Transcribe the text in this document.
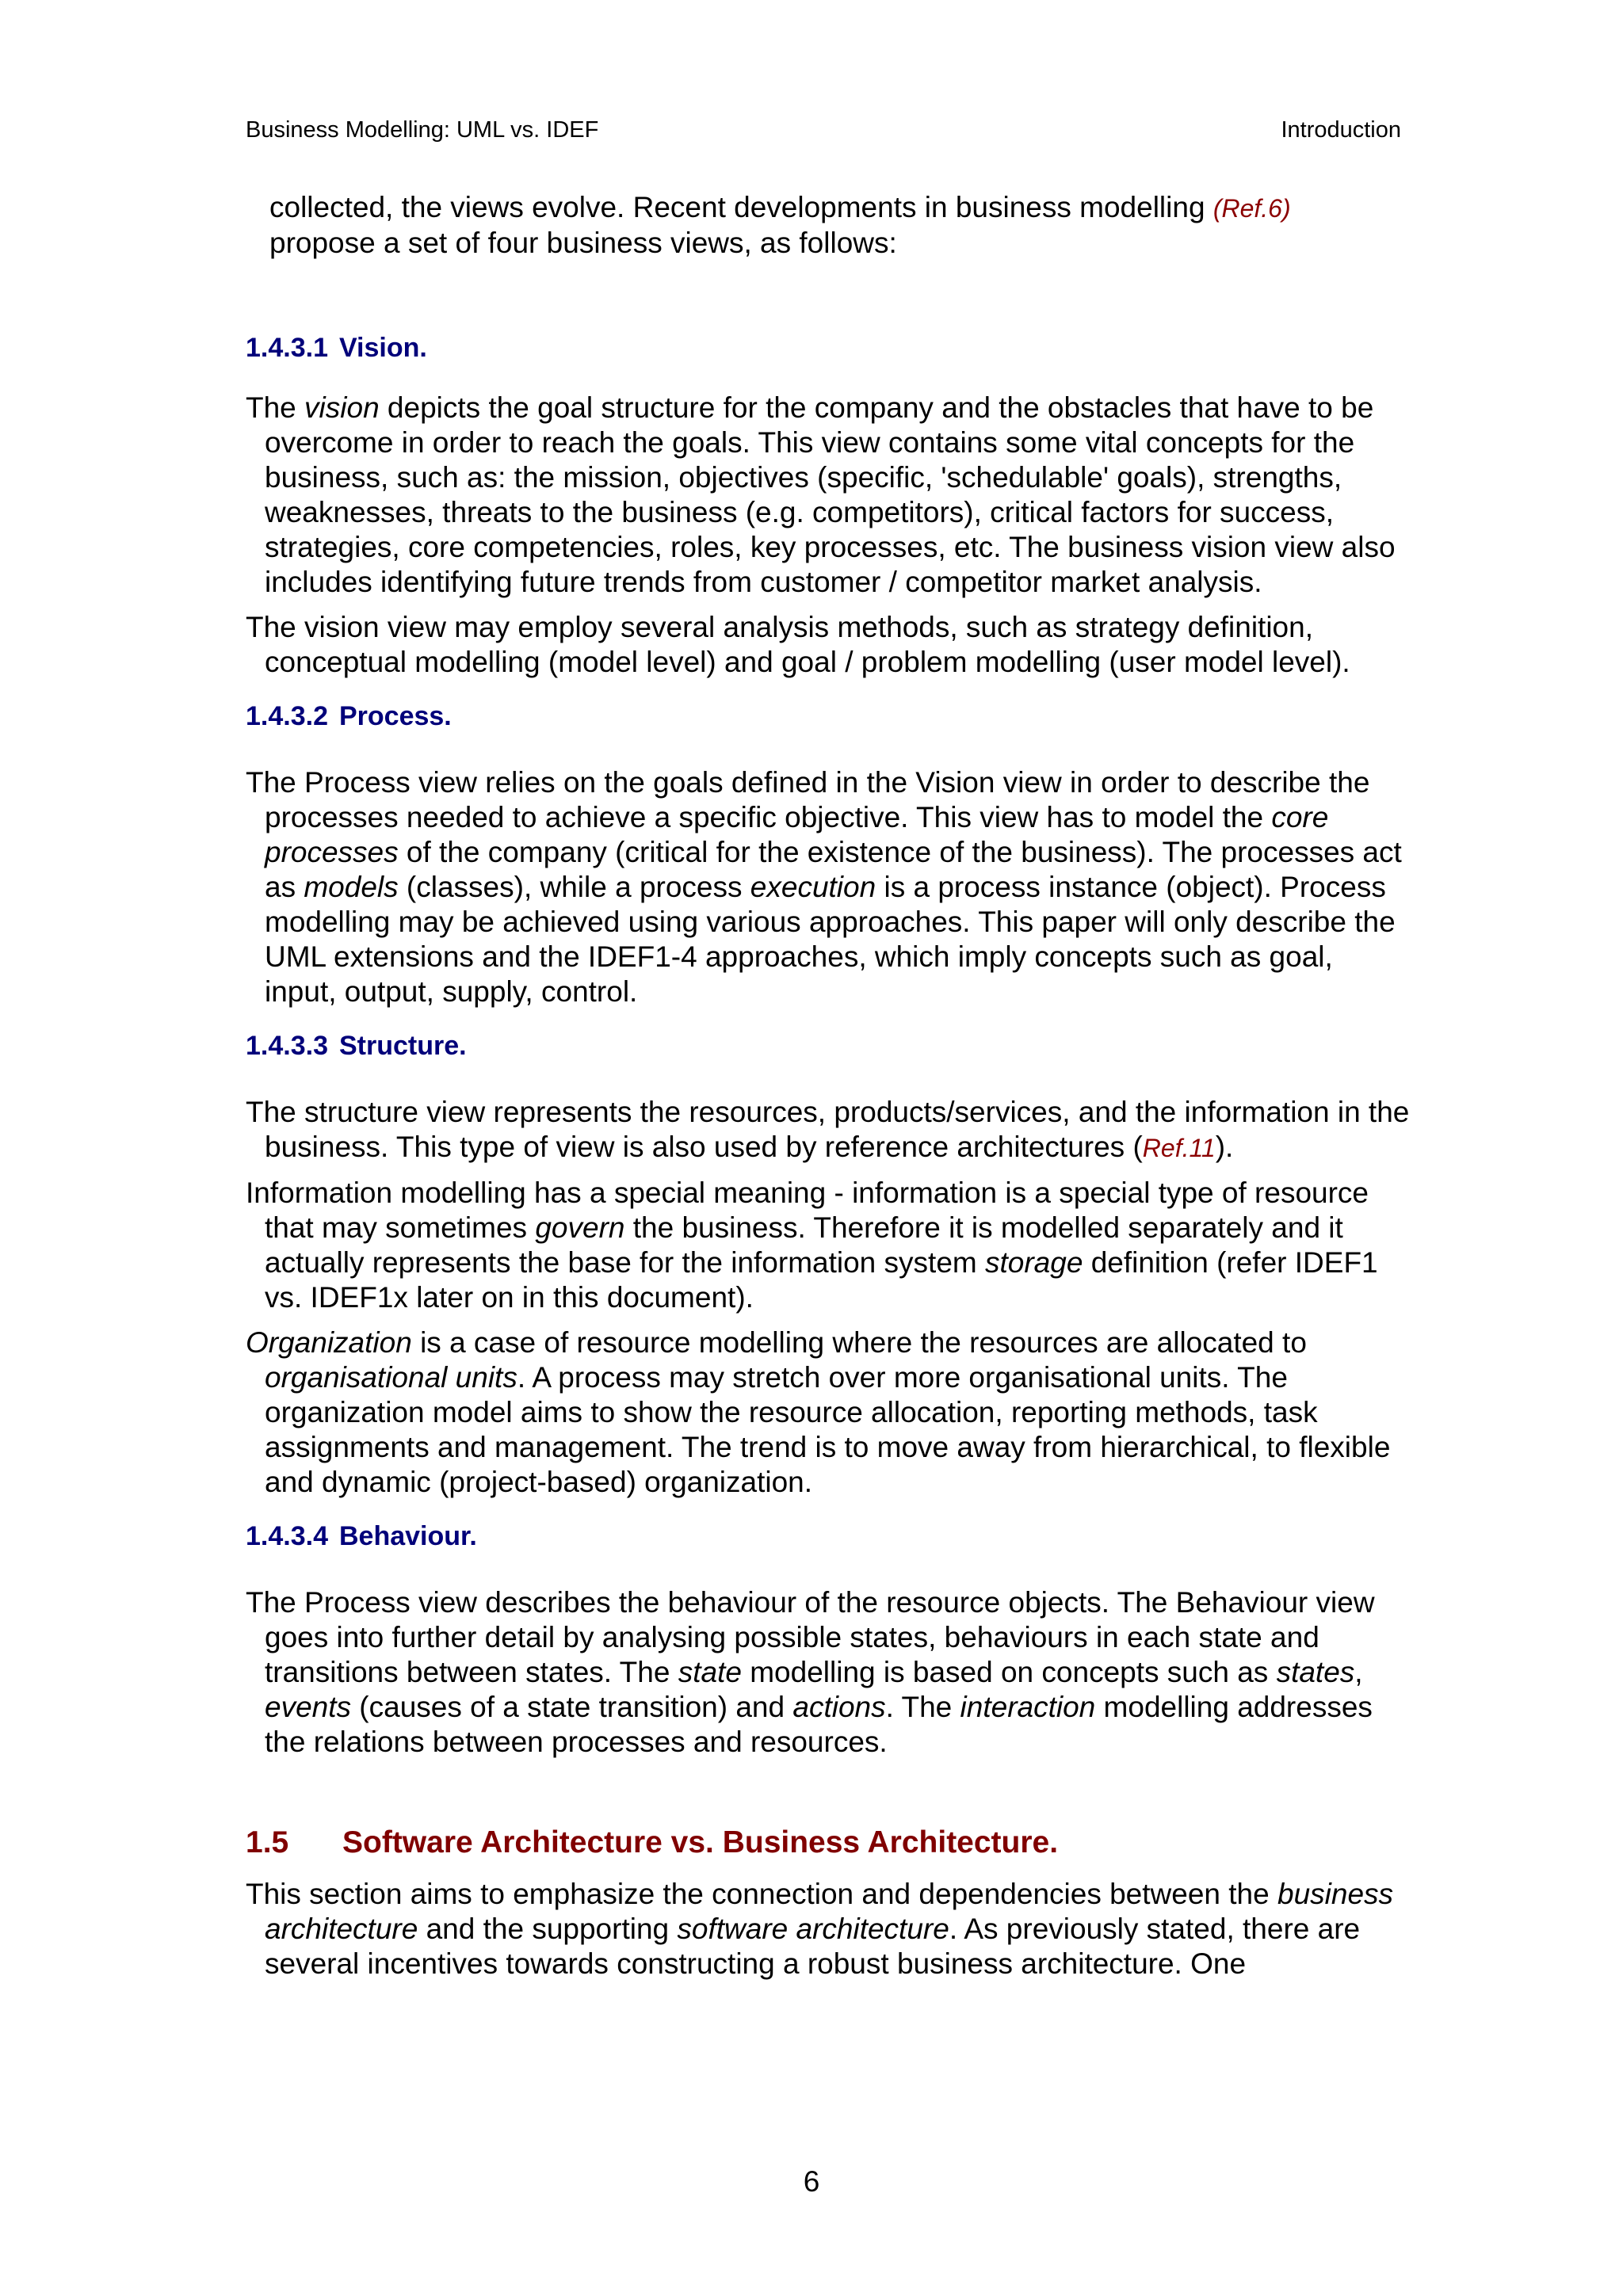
Business Modelling: UML vs. IDEF	Introduction

collected, the views evolve. Recent developments in business modelling (Ref.6)

propose a set of four business views, as follows:

1.4.3.1 Vision.

The vision depicts the goal structure for the company and the obstacles that have to be overcome in order to reach the goals. This view contains some vital concepts for the business, such as: the mission, objectives (specific, 'schedulable' goals), strengths, weaknesses, threats to the business (e.g. competitors), critical factors for success, strategies, core competencies, roles, key processes, etc. The business vision view also includes identifying future trends from customer / competitor market analysis.

The vision view may employ several analysis methods, such as strategy definition, conceptual modelling (model level) and goal / problem modelling (user model level).

1.4.3.2 Process.

The Process view relies on the goals defined in the Vision view in order to describe the processes needed to achieve a specific objective. This view has to model the core processes of the company (critical for the existence of the business). The processes act as models (classes), while a process execution is a process instance (object). Process modelling may be achieved using various approaches. This paper will only describe the UML extensions and the IDEF1-4 approaches, which imply concepts such as goal, input, output, supply, control.

1.4.3.3 Structure.

The structure view represents the resources, products/services, and the information in the business. This type of view is also used by reference architectures (Ref.11).

Information modelling has a special meaning - information is a special type of resource that may sometimes govern the business. Therefore it is modelled separately and it actually represents the base for the information system storage definition (refer IDEF1 vs. IDEF1x later on in this document).

Organization is a case of resource modelling where the resources are allocated to organisational units. A process may stretch over more organisational units. The organization model aims to show the resource allocation, reporting methods, task assignments and management. The trend is to move away from hierarchical, to flexible and dynamic (project-based) organization.

1.4.3.4 Behaviour.

The Process view describes the behaviour of the resource objects. The Behaviour view goes into further detail by analysing possible states, behaviours in each state and transitions between states. The state modelling is based on concepts such as states, events (causes of a state transition) and actions. The interaction modelling addresses the relations between processes and resources.

1.5 Software Architecture vs. Business Architecture.

This section aims to emphasize the connection and dependencies between the business architecture and the supporting software architecture. As previously stated, there are several incentives towards constructing a robust business architecture. One

6
